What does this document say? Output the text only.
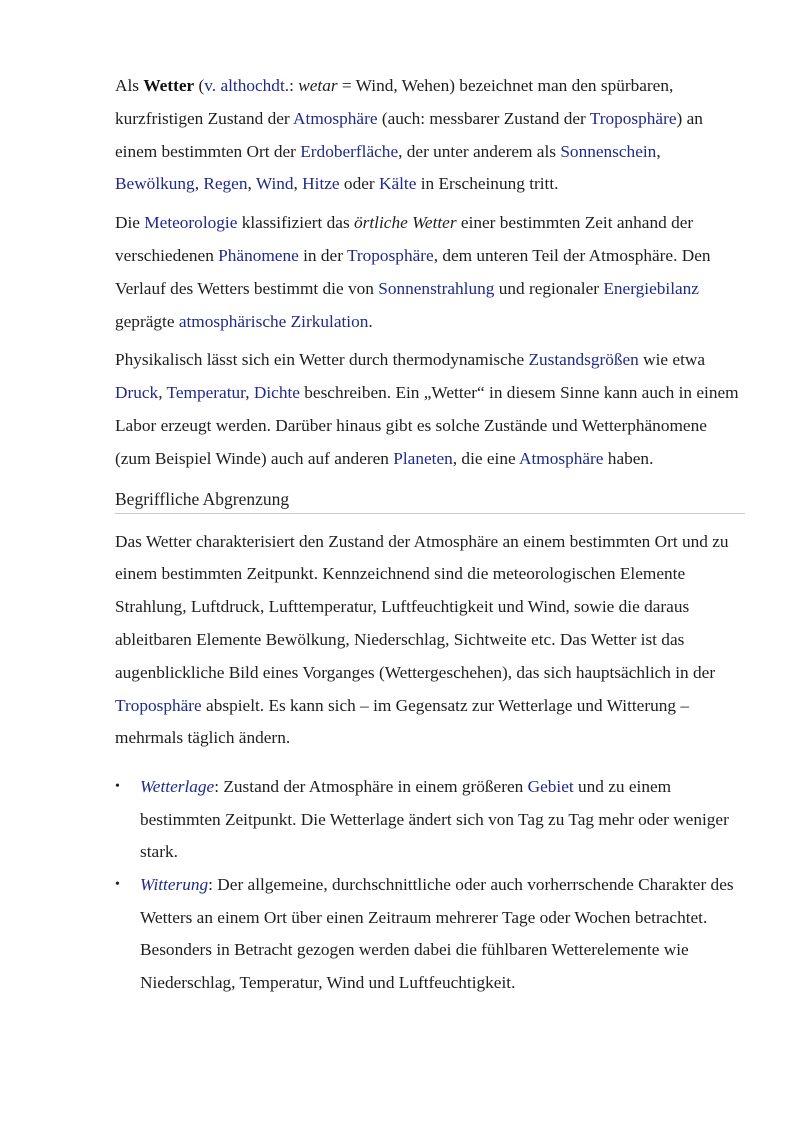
Als Wetter (v. althochdt.: wetar = Wind, Wehen) bezeichnet man den spürbaren, kurzfristigen Zustand der Atmosphäre (auch: messbarer Zustand der Troposphäre) an einem bestimmten Ort der Erdoberfläche, der unter anderem als Sonnenschein, Bewölkung, Regen, Wind, Hitze oder Kälte in Erscheinung tritt.

Die Meteorologie klassifiziert das örtliche Wetter einer bestimmten Zeit anhand der verschiedenen Phänomene in der Troposphäre, dem unteren Teil der Atmosphäre. Den Verlauf des Wetters bestimmt die von Sonnenstrahlung und regionaler Energiebilanz geprägte atmosphärische Zirkulation.

Physikalisch lässt sich ein Wetter durch thermodynamische Zustandsgrößen wie etwa Druck, Temperatur, Dichte beschreiben. Ein „Wetter“ in diesem Sinne kann auch in einem Labor erzeugt werden. Darüber hinaus gibt es solche Zustände und Wetterphänomene (zum Beispiel Winde) auch auf anderen Planeten, die eine Atmosphäre haben.

Begriffliche Abgrenzung

Das Wetter charakterisiert den Zustand der Atmosphäre an einem bestimmten Ort und zu einem bestimmten Zeitpunkt. Kennzeichnend sind die meteorologischen Elemente Strahlung, Luftdruck, Lufttemperatur, Luftfeuchtigkeit und Wind, sowie die daraus ableitbaren Elemente Bewölkung, Niederschlag, Sichtweite etc. Das Wetter ist das augenblickliche Bild eines Vorganges (Wettergeschehen), das sich hauptsächlich in der Troposphäre abspielt. Es kann sich – im Gegensatz zur Wetterlage und Witterung – mehrmals täglich ändern.

• Wetterlage: Zustand der Atmosphäre in einem größeren Gebiet und zu einem bestimmten Zeitpunkt. Die Wetterlage ändert sich von Tag zu Tag mehr oder weniger stark.
• Witterung: Der allgemeine, durchschnittliche oder auch vorherrschende Charakter des Wetters an einem Ort über einen Zeitraum mehrerer Tage oder Wochen betrachtet. Besonders in Betracht gezogen werden dabei die fühlbaren Wetterelemente wie Niederschlag, Temperatur, Wind und Luftfeuchtigkeit.
